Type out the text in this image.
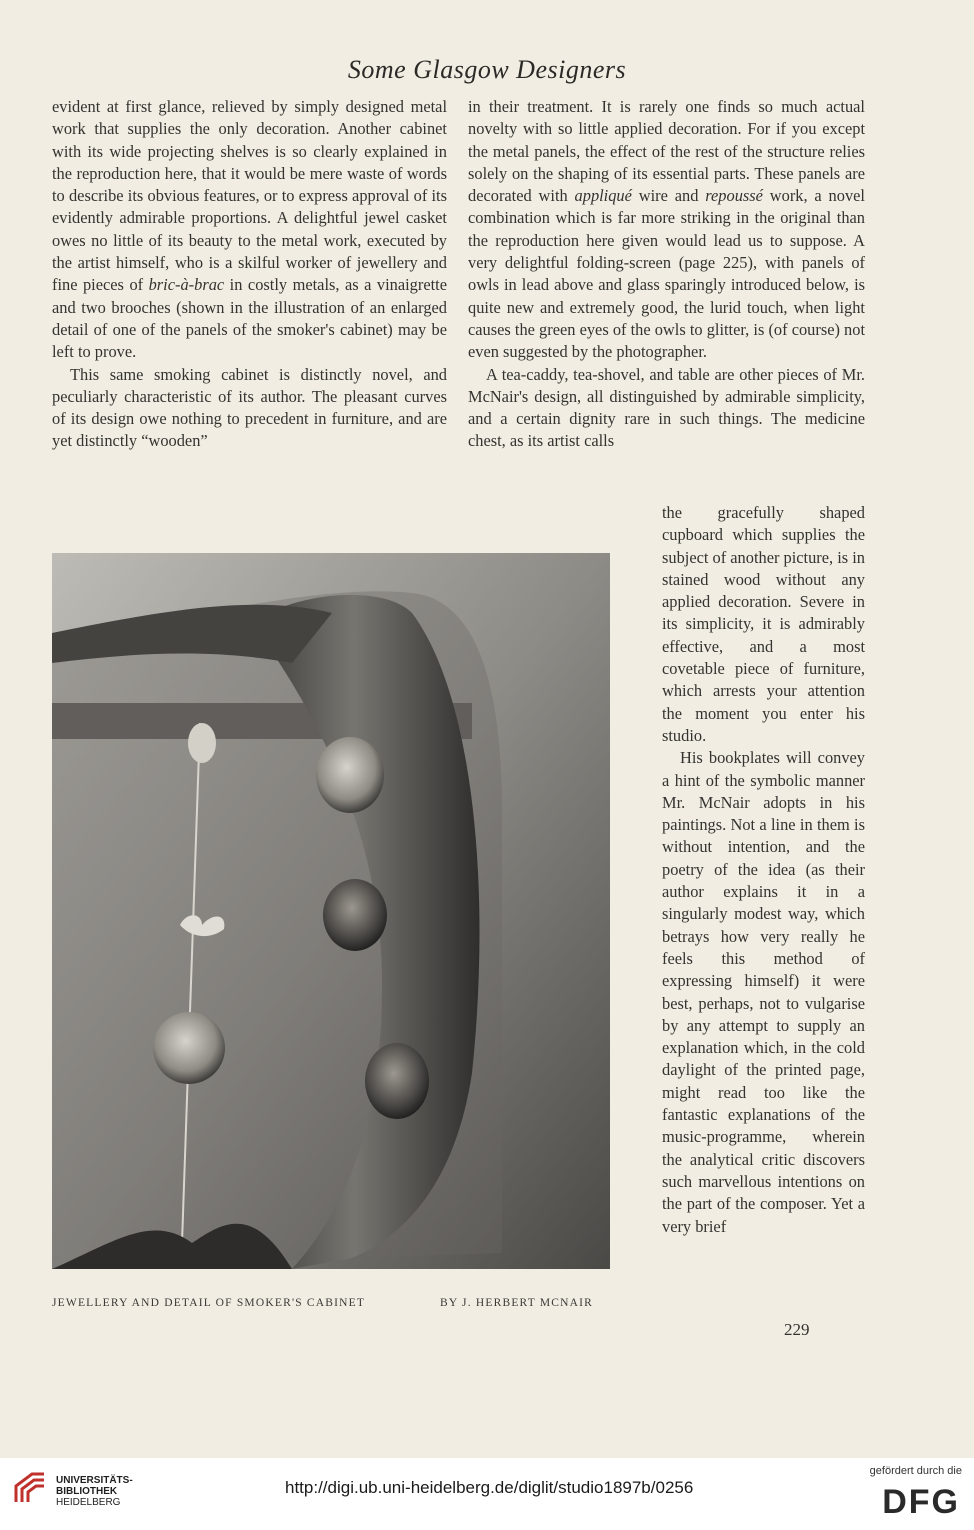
Some Glasgow Designers

evident at first glance, relieved by simply designed metal work that supplies the only decoration. Another cabinet with its wide projecting shelves is so clearly explained in the reproduction here, that it would be mere waste of words to describe its obvious features, or to express approval of its evidently admirable proportions. A delightful jewel casket owes no little of its beauty to the metal work, executed by the artist himself, who is a skilful worker of jewellery and fine pieces of bric-à-brac in costly metals, as a vinaigrette and two brooches (shown in the illustration of an enlarged detail of one of the panels of the smoker's cabinet) may be left to prove.

This same smoking cabinet is distinctly novel, and peculiarly characteristic of its author. The pleasant curves of its design owe nothing to precedent in furniture, and are yet distinctly “wooden”

in their treatment. It is rarely one finds so much actual novelty with so little applied decoration. For if you except the metal panels, the effect of the rest of the structure relies solely on the shaping of its essential parts. These panels are decorated with appliqué wire and repoussé work, a novel combination which is far more striking in the original than the reproduction here given would lead us to suppose. A very delightful folding-screen (page 225), with panels of owls in lead above and glass sparingly introduced below, is quite new and extremely good, the lurid touch, when light causes the green eyes of the owls to glitter, is (of course) not even suggested by the photographer.

A tea-caddy, tea-shovel, and table are other pieces of Mr. McNair's design, all distinguished by admirable simplicity, and a certain dignity rare in such things. The medicine chest, as its artist calls

the gracefully shaped cupboard which supplies the subject of another picture, is in stained wood without any applied decoration. Severe in its simplicity, it is admirably effective, and a most covetable piece of furniture, which arrests your attention the moment you enter his studio.

His bookplates will convey a hint of the symbolic manner Mr. McNair adopts in his paintings. Not a line in them is without intention, and the poetry of the idea (as their author explains it in a singularly modest way, which betrays how very really he feels this method of expressing himself) it were best, perhaps, not to vulgarise by any attempt to supply an explanation which, in the cold daylight of the printed page, might read too like the fantastic explanations of the music-programme, wherein the analytical critic discovers such marvellous intentions on the part of the composer. Yet a very brief

JEWELLERY AND DETAIL OF SMOKER'S CABINET	BY J. HERBERT MCNAIR
229
UNIVERSITÄTS-
BIBLIOTHEK
HEIDELBERG
http://digi.ub.uni-heidelberg.de/diglit/studio1897b/0256
gefördert durch die
DFG
